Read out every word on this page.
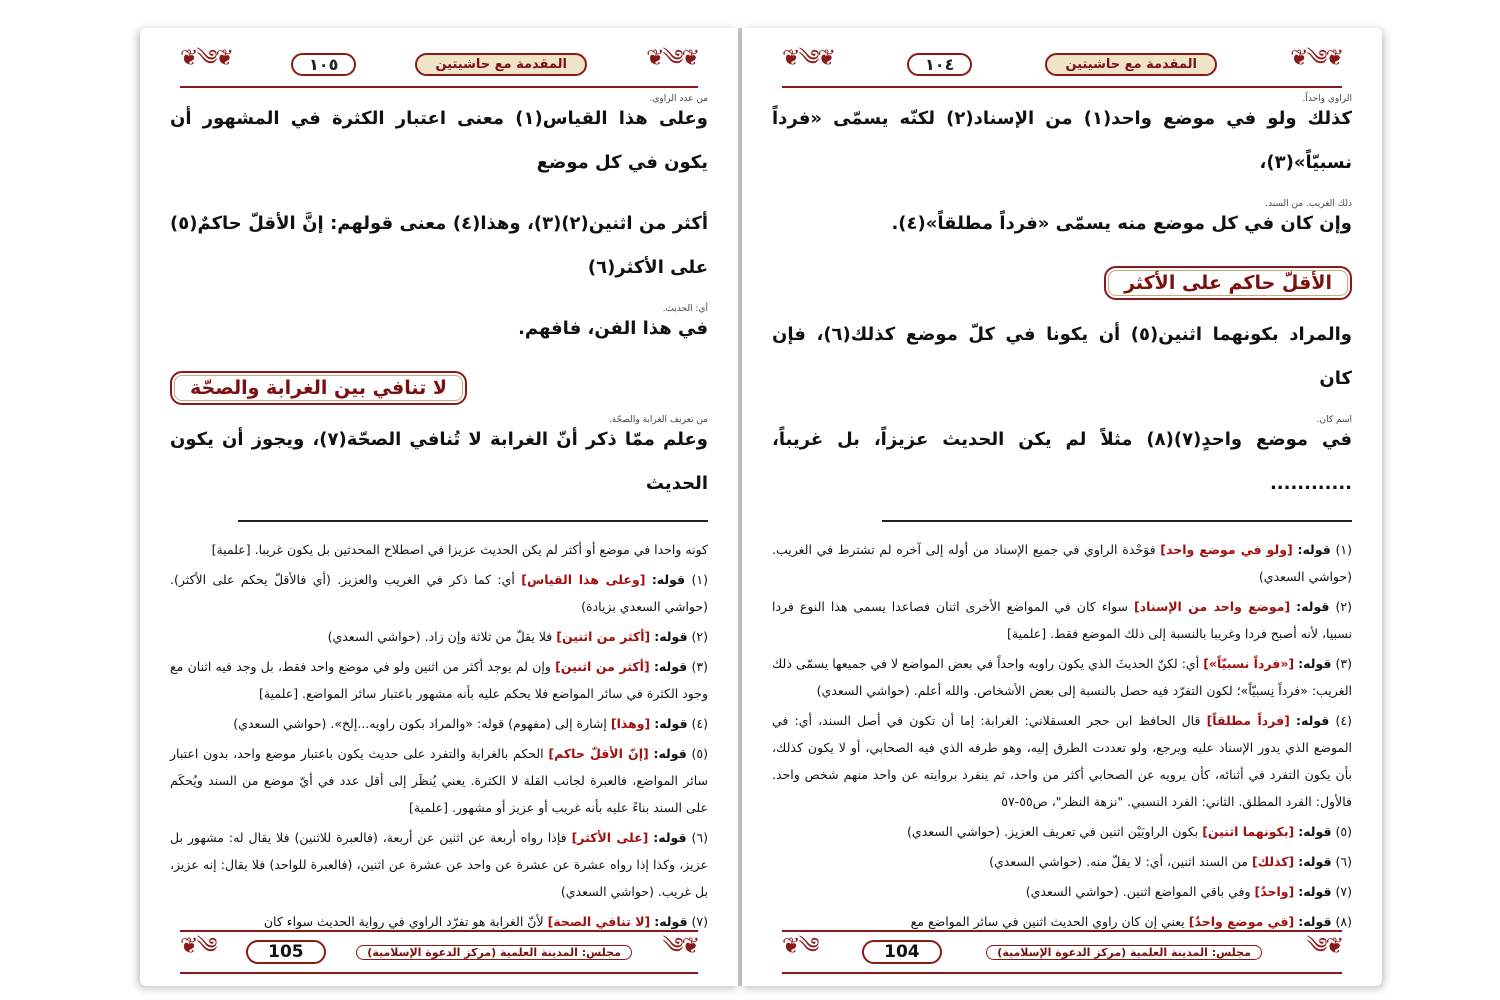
❦༄❦
المقدمة مع حاشيتين
١٠٥
❦༄❦

من عدد الراوي.
وعلى هذا القياس(١) معنى اعتبار الكثرة في المشهور أن يكون في كل موضع

أكثر من اثنين(٢)(٣)، وهذا(٤) معنى قولهم: إنَّ الأقلّ حاكمٌ(٥) على الأكثر(٦)

أي: الحديث.
في هذا الفن، فافهم.

لا تنافي بين الغرابة والصحّة

من تعريف الغرابة والصحّة.
وعلم ممّا ذكر أنّ الغرابة لا تُنافي الصحّة(٧)، ويجوز أن يكون الحديث

كونه واحدا في موضع أو أكثر لم يكن الحديث عزيزا في اصطلاح المحدثين بل يكون غريبا. [علمية]

(١) قوله: [وعلى هذا القياس] أي: كما ذكر في الغريب والعزيز. (أي فالأقلّ يحكم على الأكثر). (حواشي السعدي بزيادة)

(٢) قوله: [أكثر من اثنين] فلا يقلّ من ثلاثة وإن زاد. (حواشي السعدي)

(٣) قوله: [أكثر من اثنين] وإن لم يوجد أكثر من اثنين ولو في موضع واحد فقط، بل وجد فيه اثنان مع وجود الكثرة في سائر المواضع فلا يحكم عليه بأنه مشهور باعتبار سائر المواضع. [علمية]

(٤) قوله: [وهذا] إشارة إلى (مفهوم) قوله: «والمراد بكون راويه...إلخ». (حواشي السعدي)

(٥) قوله: [إنّ الأقلّ حاكم] الحكم بالغرابة والتفرد على حديث يكون باعتبار موضع واحد، بدون اعتبار سائر المواضع، فالعبرة لجانب القلة لا الكثرة. يعني يُنظَر إلى أقل عدد في أيّ موضع من السند ويُحكَم على السند بناءً عليه بأنه غريب أو عزيز أو مشهور. [علمية]

(٦) قوله: [على الأكثر] فإذا رواه أربعة عن اثنين عن أربعة، (فالعبرة للاثنين) فلا يقال له: مشهور بل عزيز، وكذا إذا رواه عشرة عن عشرة عن واحد عن عشرة عن اثنين، (فالعبرة للواحد) فلا يقال: إنه عزيز، بل غريب. (حواشي السعدي)

(٧) قوله: [لا تنافي الصحة] لأنّ الغرابة هو تفرّد الراوي في رواية الحديث سواء كان

❦༄
مجلس: المدينة العلمية (مركز الدعوة الإسلامية)
105
༄❦
❦༄❦
المقدمة مع حاشيتين
١٠٤
❦༄❦

الراوي واحداً.
كذلك ولو في موضع واحد(١) من الإسناد(٢) لكنّه يسمّى «فرداً نسبيّاً»(٣)،

ذلك الغريب. من السند.
وإن كان في كل موضع منه يسمّى «فرداً مطلقاً»(٤).

الأقلّ حاكم على الأكثر

والمراد بكونهما اثنين(٥) أن يكونا في كلّ موضع كذلك(٦)، فإن كان

اسم كان.
في موضع واحدٍ(٧)(٨) مثلاً لم يكن الحديث عزيزاً، بل غريباً، ............

(١) قوله: [ولو في موضع واحد] فوَحْدة الراوي في جميع الإسناد من أوله إلى آخره لم تشترط في الغريب. (حواشي السعدي)

(٢) قوله: [موضع واحد من الإسناد] سواء كان في المواضع الأخرى اثنان فصاعدا يسمى هذا النوع فردا نسبيا، لأنه أصبح فردا وغريبا بالنسبة إلى ذلك الموضع فقط. [علمية]

(٣) قوله: [«فرداً نسبيّاً»] أي: لكنّ الحديثَ الذي يكون راويه واحداً في بعض المواضع لا في جميعها يسمّى ذلك الغريب: «فرداً نِسبيّاً»؛ لكون التفرّد فيه حصل بالنسبة إلى بعض الأشخاص. والله أعلم. (حواشي السعدي)

(٤) قوله: [فرداً مطلقاً] قال الحافظ ابن حجر العسقلاني: الغرابة: إما أن تكون في أصل السند، أي: في الموضع الذي يدور الإسناد عليه ويرجع، ولو تعددت الطرق إليه، وهو طرفه الذي فيه الصحابي، أو لا يكون كذلك، بأن يكون التفرد في أثنائه، كأن يرويه عن الصحابي أكثر من واحد، ثم ينفرد بروايته عن واحد منهم شخص واحد. فالأول: الفرد المطلق. الثاني: الفرد النسبي. "نزهة النظر"، ص٥٥-٥٧

(٥) قوله: [بكونهما اثنين] بكون الراويَيْن اثنين في تعريف العزيز. (حواشي السعدي)

(٦) قوله: [كذلك] من السند اثنين، أي: لا يقلّ منه. (حواشي السعدي)

(٧) قوله: [واحدٌ] وفي باقي المواضع اثنين. (حواشي السعدي)

(٨) قوله: [في موضع واحدٌ] يعني إن كان راوي الحديث اثنين في سائر المواضع مع

❦༄
مجلس: المدينة العلمية (مركز الدعوة الإسلامية)
104
༄❦
